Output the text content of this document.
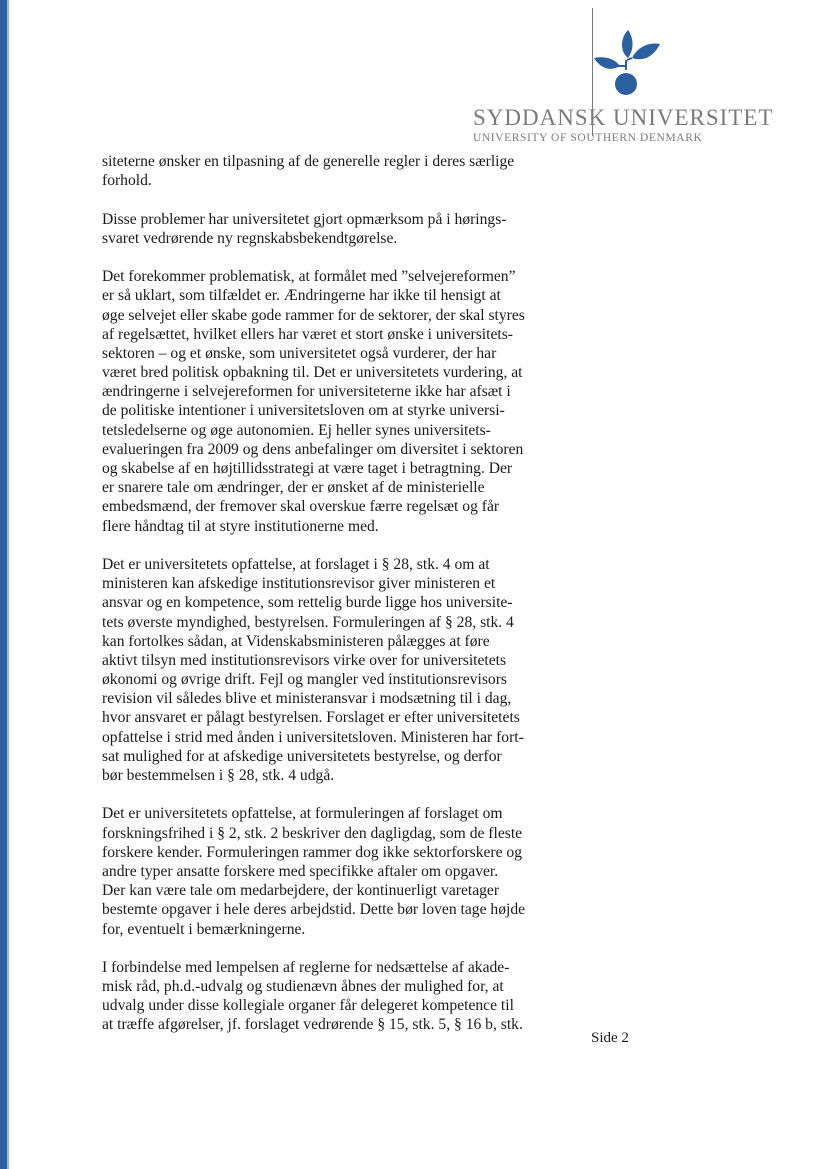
SYDDANSK UNIVERSITET
UNIVERSITY OF SOUTHERN DENMARK
siteterne ønsker en tilpasning af de generelle regler i deres særlige
forhold.
Disse problemer har universitetet gjort opmærksom på i hørings-
svaret vedrørende ny regnskabsbekendtgørelse.
Det forekommer problematisk, at formålet med ”selvejereformen”
er så uklart, som tilfældet er. Ændringerne har ikke til hensigt at
øge selvejet eller skabe gode rammer for de sektorer, der skal styres
af regelsættet, hvilket ellers har været et stort ønske i universitets-
sektoren – og et ønske, som universitetet også vurderer, der har
været bred politisk opbakning til. Det er universitetets vurdering, at
ændringerne i selvejereformen for universiteterne ikke har afsæt i
de politiske intentioner i universitetsloven om at styrke universi-
tetsledelserne og øge autonomien. Ej heller synes universitets-
evalueringen fra 2009 og dens anbefalinger om diversitet i sektoren
og skabelse af en højtillidsstrategi at være taget i betragtning. Der
er snarere tale om ændringer, der er ønsket af de ministerielle
embedsmænd, der fremover skal overskue færre regelsæt og får
flere håndtag til at styre institutionerne med.
Det er universitetets opfattelse, at forslaget i § 28, stk. 4 om at
ministeren kan afskedige institutionsrevisor giver ministeren et
ansvar og en kompetence, som rettelig burde ligge hos universite-
tets øverste myndighed, bestyrelsen. Formuleringen af § 28, stk. 4
kan fortolkes sådan, at Videnskabsministeren pålægges at føre
aktivt tilsyn med institutionsrevisors virke over for universitetets
økonomi og øvrige drift. Fejl og mangler ved institutionsrevisors
revision vil således blive et ministeransvar i modsætning til i dag,
hvor ansvaret er pålagt bestyrelsen. Forslaget er efter universitetets
opfattelse i strid med ånden i universitetsloven. Ministeren har fort-
sat mulighed for at afskedige universitetets bestyrelse, og derfor
bør bestemmelsen i § 28, stk. 4 udgå.
Det er universitetets opfattelse, at formuleringen af forslaget om
forskningsfrihed i § 2, stk. 2 beskriver den dagligdag, som de fleste
forskere kender. Formuleringen rammer dog ikke sektorforskere og
andre typer ansatte forskere med specifikke aftaler om opgaver.
Der kan være tale om medarbejdere, der kontinuerligt varetager
bestemte opgaver i hele deres arbejdstid. Dette bør loven tage højde
for, eventuelt i bemærkningerne.
I forbindelse med lempelsen af reglerne for nedsættelse af akade-
misk råd, ph.d.-udvalg og studienævn åbnes der mulighed for, at
udvalg under disse kollegiale organer får delegeret kompetence til
at træffe afgørelser, jf. forslaget vedrørende § 15, stk. 5, § 16 b, stk.
Side 2
